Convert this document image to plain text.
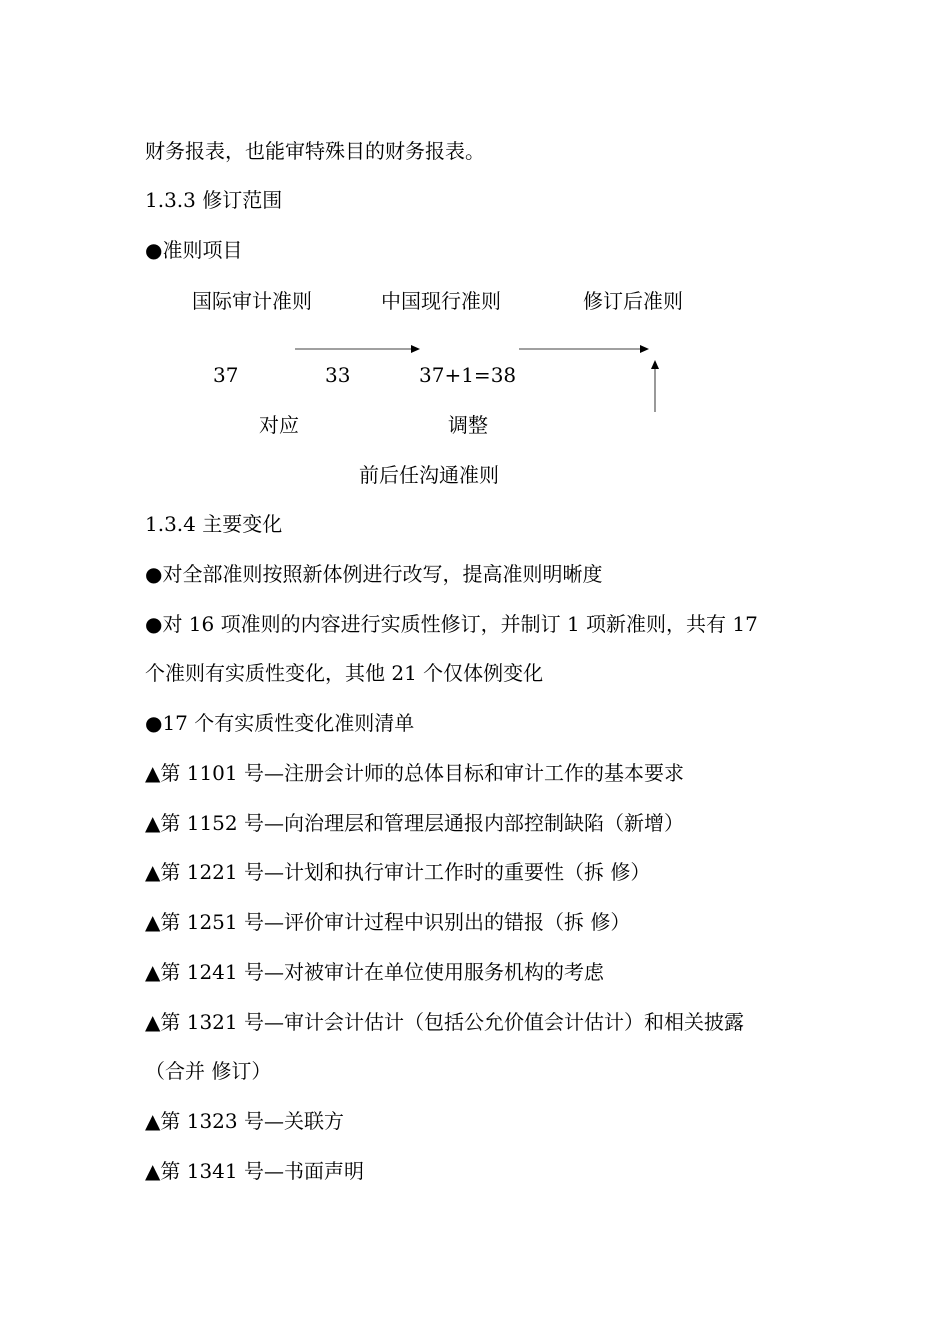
财务报表，也能审特殊目的财务报表。
1.3.3 修订范围
●准则项目
国际审计准则	中国现行准则	修订后准则
37	33	37+1=38
对应	调整
前后任沟通准则
1.3.4 主要变化
●对全部准则按照新体例进行改写，提高准则明晰度
●对 16 项准则的内容进行实质性修订，并制订 1 项新准则，共有 17
个准则有实质性变化，其他 21 个仅体例变化
●17 个有实质性变化准则清单
▲第 1101 号—注册会计师的总体目标和审计工作的基本要求
▲第 1152 号—向治理层和管理层通报内部控制缺陷（新增）
▲第 1221 号—计划和执行审计工作时的重要性（拆 修）
▲第 1251 号—评价审计过程中识别出的错报（拆 修）
▲第 1241 号—对被审计在单位使用服务机构的考虑
▲第 1321 号—审计会计估计（包括公允价值会计估计）和相关披露
（合并 修订）
▲第 1323 号—关联方
▲第 1341 号—书面声明
